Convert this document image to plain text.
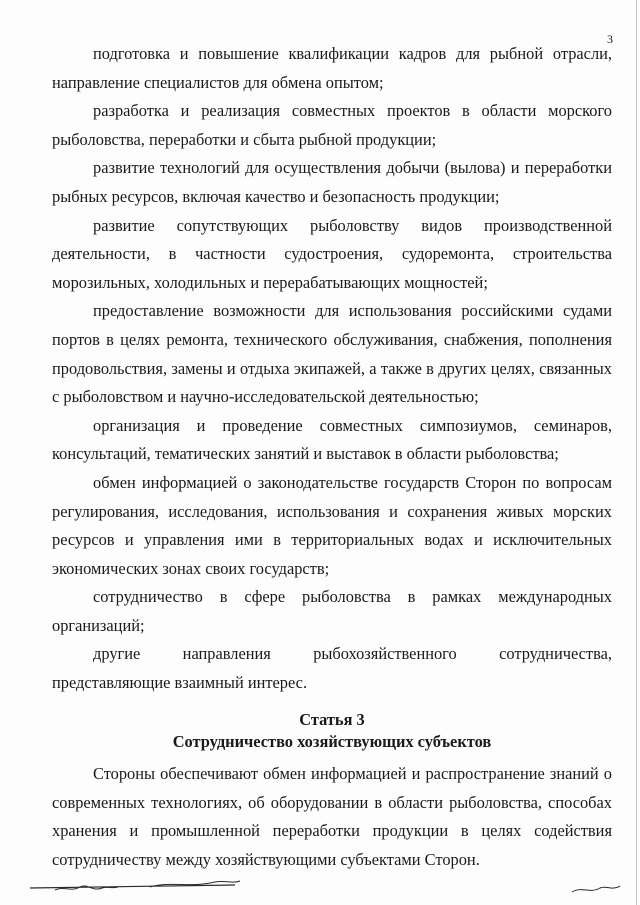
3

подготовка и повышение квалификации кадров для рыбной отрасли, направление специалистов для обмена опытом;

разработка и реализация совместных проектов в области морского рыболовства, переработки и сбыта рыбной продукции;

развитие технологий для осуществления добычи (вылова) и переработки рыбных ресурсов, включая качество и безопасность продукции;

развитие сопутствующих рыболовству видов производственной деятельности, в частности судостроения, судоремонта, строительства морозильных, холодильных и перерабатывающих мощностей;

предоставление возможности для использования российскими судами портов в целях ремонта, технического обслуживания, снабжения, пополнения продовольствия, замены и отдыха экипажей, а также в других целях, связанных с рыболовством и научно-исследовательской деятельностью;

организация и проведение совместных симпозиумов, семинаров, консультаций, тематических занятий и выставок в области рыболовства;

обмен информацией о законодательстве государств Сторон по вопросам регулирования, исследования, использования и сохранения живых морских ресурсов и управления ими в территориальных водах и исключительных экономических зонах своих государств;

сотрудничество в сфере рыболовства в рамках международных организаций;

другие направления рыбохозяйственного сотрудничества, представляющие взаимный интерес.

Статья 3
Сотрудничество хозяйствующих субъектов

Стороны обеспечивают обмен информацией и распространение знаний о современных технологиях, об оборудовании в области рыболовства, способах хранения и промышленной переработки продукции в целях содействия сотрудничеству между хозяйствующими субъектами Сторон.
